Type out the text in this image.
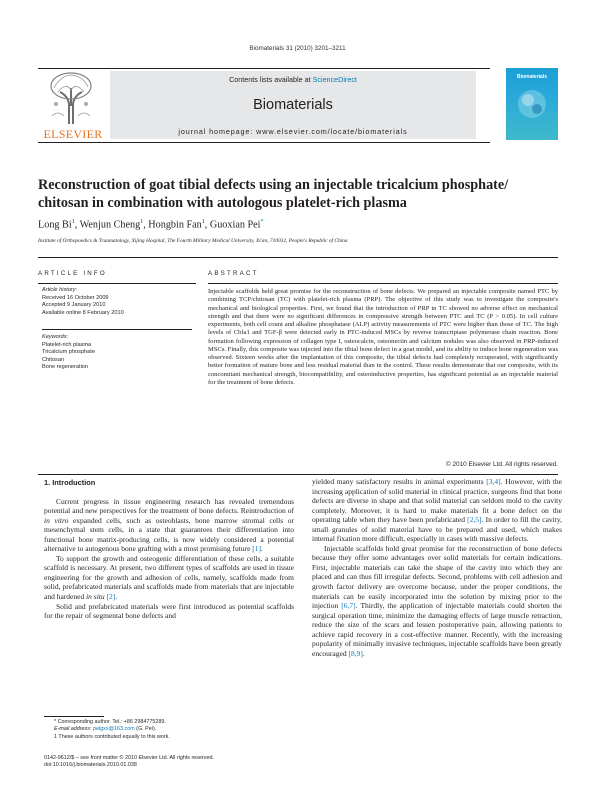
Biomaterials 31 (2010) 3201–3211
ELSEVIER
Contents lists available at ScienceDirect
Biomaterials
journal homepage: www.elsevier.com/locate/biomaterials
Biomaterials
Reconstruction of goat tibial defects using an injectable tricalcium phosphate/ chitosan in combination with autologous platelet-rich plasma
Long Bi$^1$, Wenjun Cheng$^1$, Hongbin Fan$^1$, Guoxian Pei*
Institute of Orthopaedics & Traumatology, Xijing Hospital, The Fourth Military Medical University, Xi'an, 710032, People's Republic of China
ARTICLE INFO	ABSTRACT
Article history:
Received 16 October 2009
Accepted 9 January 2010
Available online 8 February 2010
Keywords:
Platelet-rich plasma
Tricalcium phosphate
Chitosan
Bone regeneration

Injectable scaffolds held great promise for the reconstruction of bone defects. We prepared an injectable composite named PTC by combining TCP/chitosan (TC) with platelet-rich plasma (PRP). The objective of this study was to investigate the composite's mechanical and biological properties. First, we found that the introduction of PRP in TC showed no adverse effect on mechanical strength and that there were no significant differences in compressive strength between PTC and TC (P > 0.05). In cell culture experiments, both cell count and alkaline phosphatase (ALP) activity measurements of PTC were higher than those of TC. The high levels of Cbfa1 and TGF-β were detected early in PTC-induced MSCs by reverse transcriptase polymerase chain reaction. Bone formation following expression of collagen type I, osteocalcin, osteonectin and calcium nodules was also observed in PRP-induced MSCs. Finally, this composite was injected into the tibial bone defect in a goat model, and its ability to induce bone regeneration was observed. Sixteen weeks after the implantation of this composite, the tibial defects had completely recuperated, with significantly better formation of mature bone and less residual material than in the control. These results demonstrate that our composite, with its concomitant mechanical strength, biocompatibility, and osteoinductive properties, has significant potential as an injectable material for the treatment of bone defects.

© 2010 Elsevier Ltd. All rights reserved.
1. Introduction

Current progress in tissue engineering research has revealed tremendous potential and new perspectives for the treatment of bone defects. Reintroduction of in vitro expanded cells, such as osteoblasts, bone marrow stromal cells or mesenchymal stem cells, in a state that guarantees their differentiation into functional bone matrix-producing cells, is now widely considered a potential alternative to autogenous bone grafting with a most promising future [1].

To support the growth and osteogenic differentiation of these cells, a suitable scaffold is necessary. At present, two different types of scaffolds are used in tissue engineering for the growth and adhesion of cells, namely, scaffolds made from solid, prefabricated materials and scaffolds made from materials that are injectable and hardened in situ [2].

Solid and prefabricated materials were first introduced as potential scaffolds for the repair of segmental bone defects and

yielded many satisfactory results in animal experiments [3,4]. However, with the increasing application of solid material in clinical practice, surgeons find that bone defects are diverse in shape and that solid material can seldom mold to the cavity completely. Moreover, it is hard to make materials fit a bone defect on the operating table when they have been prefabricated [2,5]. In order to fill the cavity, small granules of solid material have to be prepared and used, which makes internal fixation more difficult, especially in cases with massive defects.

Injectable scaffolds hold great promise for the reconstruction of bone defects because they offer some advantages over solid materials for certain indications. First, injectable materials can take the shape of the cavity into which they are placed and can thus fill irregular defects. Second, problems with cell adhesion and growth factor delivery are overcome because, under the proper conditions, the materials can be easily incorporated into the solution by mixing prior to the injection [6,7]. Thirdly, the application of injectable materials could shorten the surgical operation time, minimize the damaging effects of large muscle retraction, reduce the size of the scars and lessen postoperative pain, allowing patients to achieve rapid recovery in a cost-effective manner. Recently, with the increasing popularity of minimally invasive techniques, injectable scaffolds have been greatly encouraged [8,9].

* Corresponding author. Tel.: +86 2984775289.
E-mail address: pelgxx@163.com (G. Pei).
1 These authors contributed equally to this work.
0142-9612/$ – see front matter © 2010 Elsevier Ltd. All rights reserved.
doi:10.1016/j.biomaterials.2010.01.038
